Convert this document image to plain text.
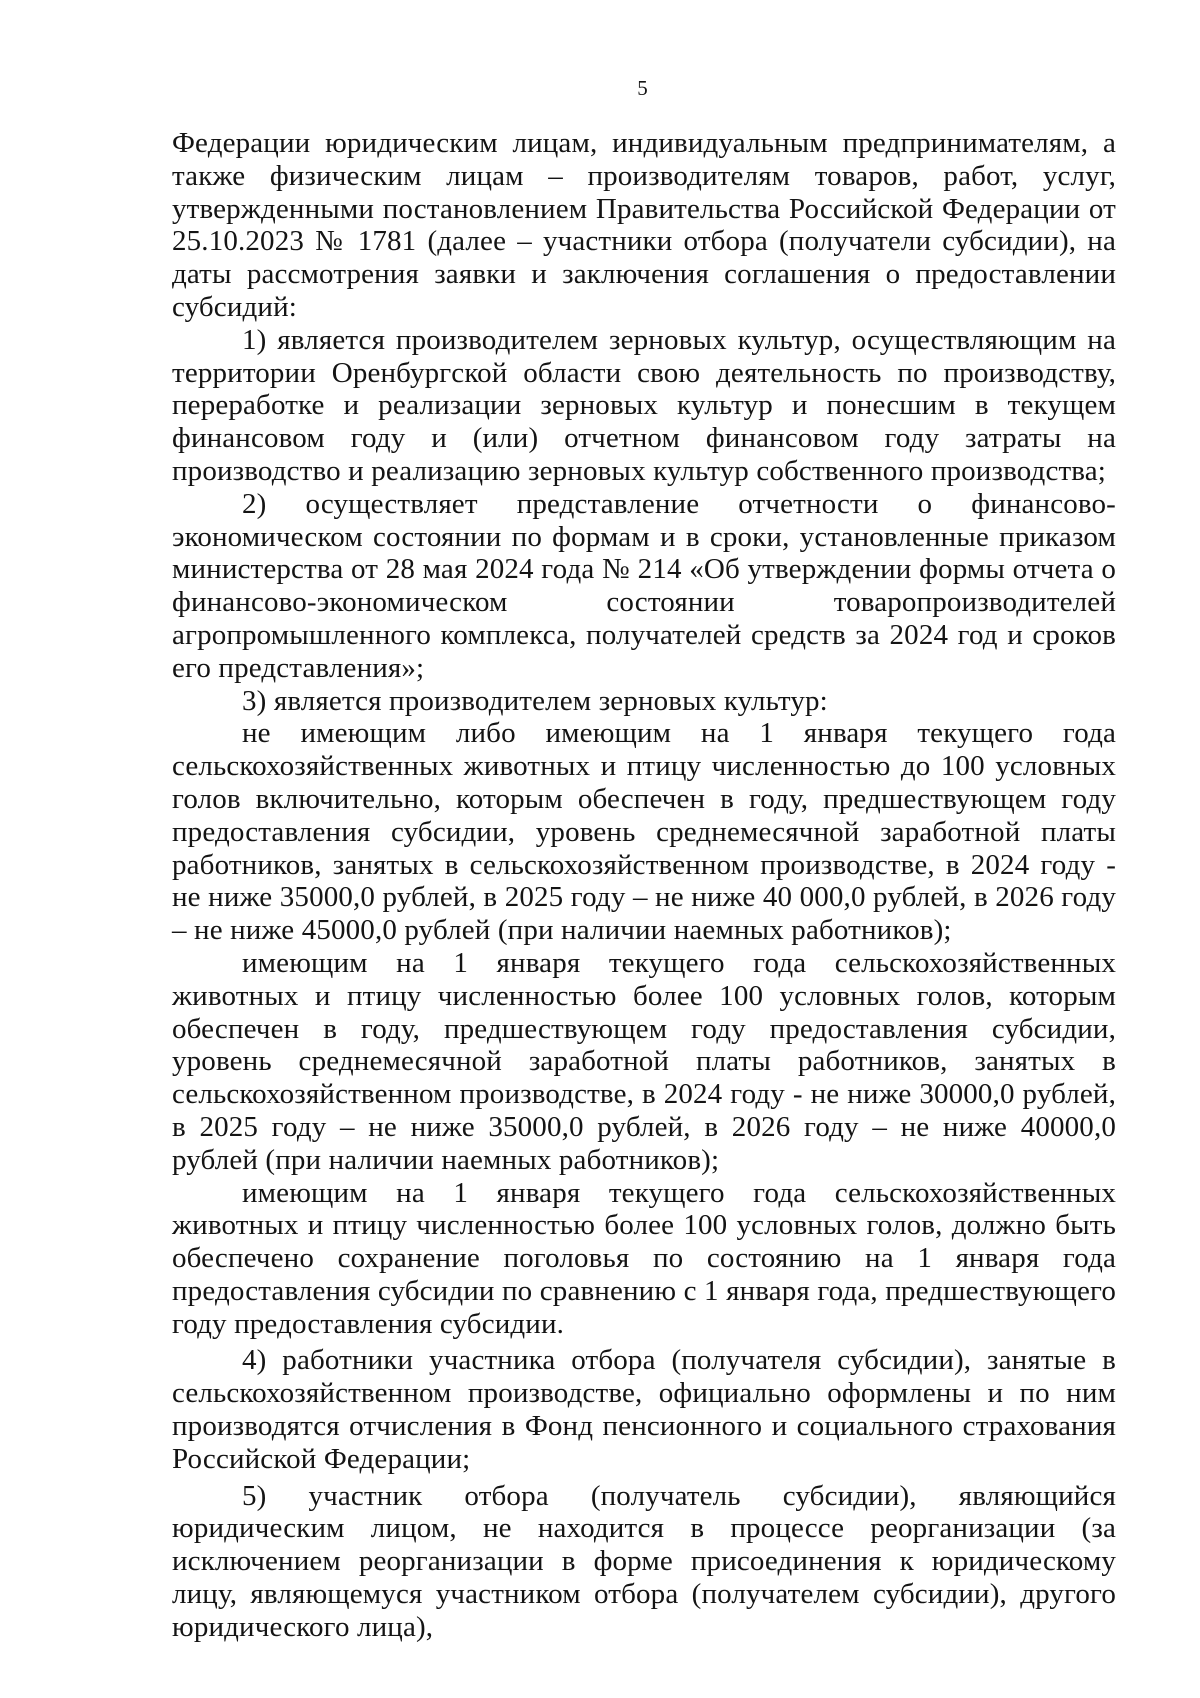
5

Федерации юридическим лицам, индивидуальным предпринимателям, а также физическим лицам – производителям товаров, работ, услуг, утвержденными постановлением Правительства Российской Федерации от 25.10.2023 № 1781 (далее – участники отбора (получатели субсидии), на даты рассмотрения заявки и заключения соглашения о предоставлении субсидий:

1) является производителем зерновых культур, осуществляющим на территории Оренбургской области свою деятельность по производству, переработке и реализации зерновых культур и понесшим в текущем финансовом году и (или) отчетном финансовом году затраты на производство и реализацию зерновых культур собственного производства;

2) осуществляет представление отчетности о финансово-экономическом состоянии по формам и в сроки, установленные приказом министерства от 28 мая 2024 года № 214 «Об утверждении формы отчета о финансово-экономическом состоянии товаропроизводителей агропромышленного комплекса, получателей средств за 2024 год и сроков его представления»;

3) является производителем зерновых культур:

не имеющим либо имеющим на 1 января текущего года сельскохозяйственных животных и птицу численностью до 100 условных голов включительно, которым обеспечен в году, предшествующем году предоставления субсидии, уровень среднемесячной заработной платы работников, занятых в сельскохозяйственном производстве, в 2024 году - не ниже 35000,0 рублей, в 2025 году – не ниже 40 000,0 рублей, в 2026 году – не ниже 45000,0 рублей (при наличии наемных работников);

имеющим на 1 января текущего года сельскохозяйственных животных и птицу численностью более 100 условных голов, которым обеспечен в году, предшествующем году предоставления субсидии, уровень среднемесячной заработной платы работников, занятых в сельскохозяйственном производстве, в 2024 году - не ниже 30000,0 рублей, в 2025 году – не ниже 35000,0 рублей, в 2026 году – не ниже 40000,0 рублей (при наличии наемных работников);

имеющим на 1 января текущего года сельскохозяйственных животных и птицу численностью более 100 условных голов, должно быть обеспечено сохранение поголовья по состоянию на 1 января года предоставления субсидии по сравнению с 1 января года, предшествующего году предоставления субсидии.

4) работники участника отбора (получателя субсидии), занятые в сельскохозяйственном производстве, официально оформлены и по ним производятся отчисления в Фонд пенсионного и социального страхования Российской Федерации;

5) участник отбора (получатель субсидии), являющийся юридическим лицом, не находится в процессе реорганизации (за исключением реорганизации в форме присоединения к юридическому лицу, являющемуся участником отбора (получателем субсидии), другого юридического лица),
